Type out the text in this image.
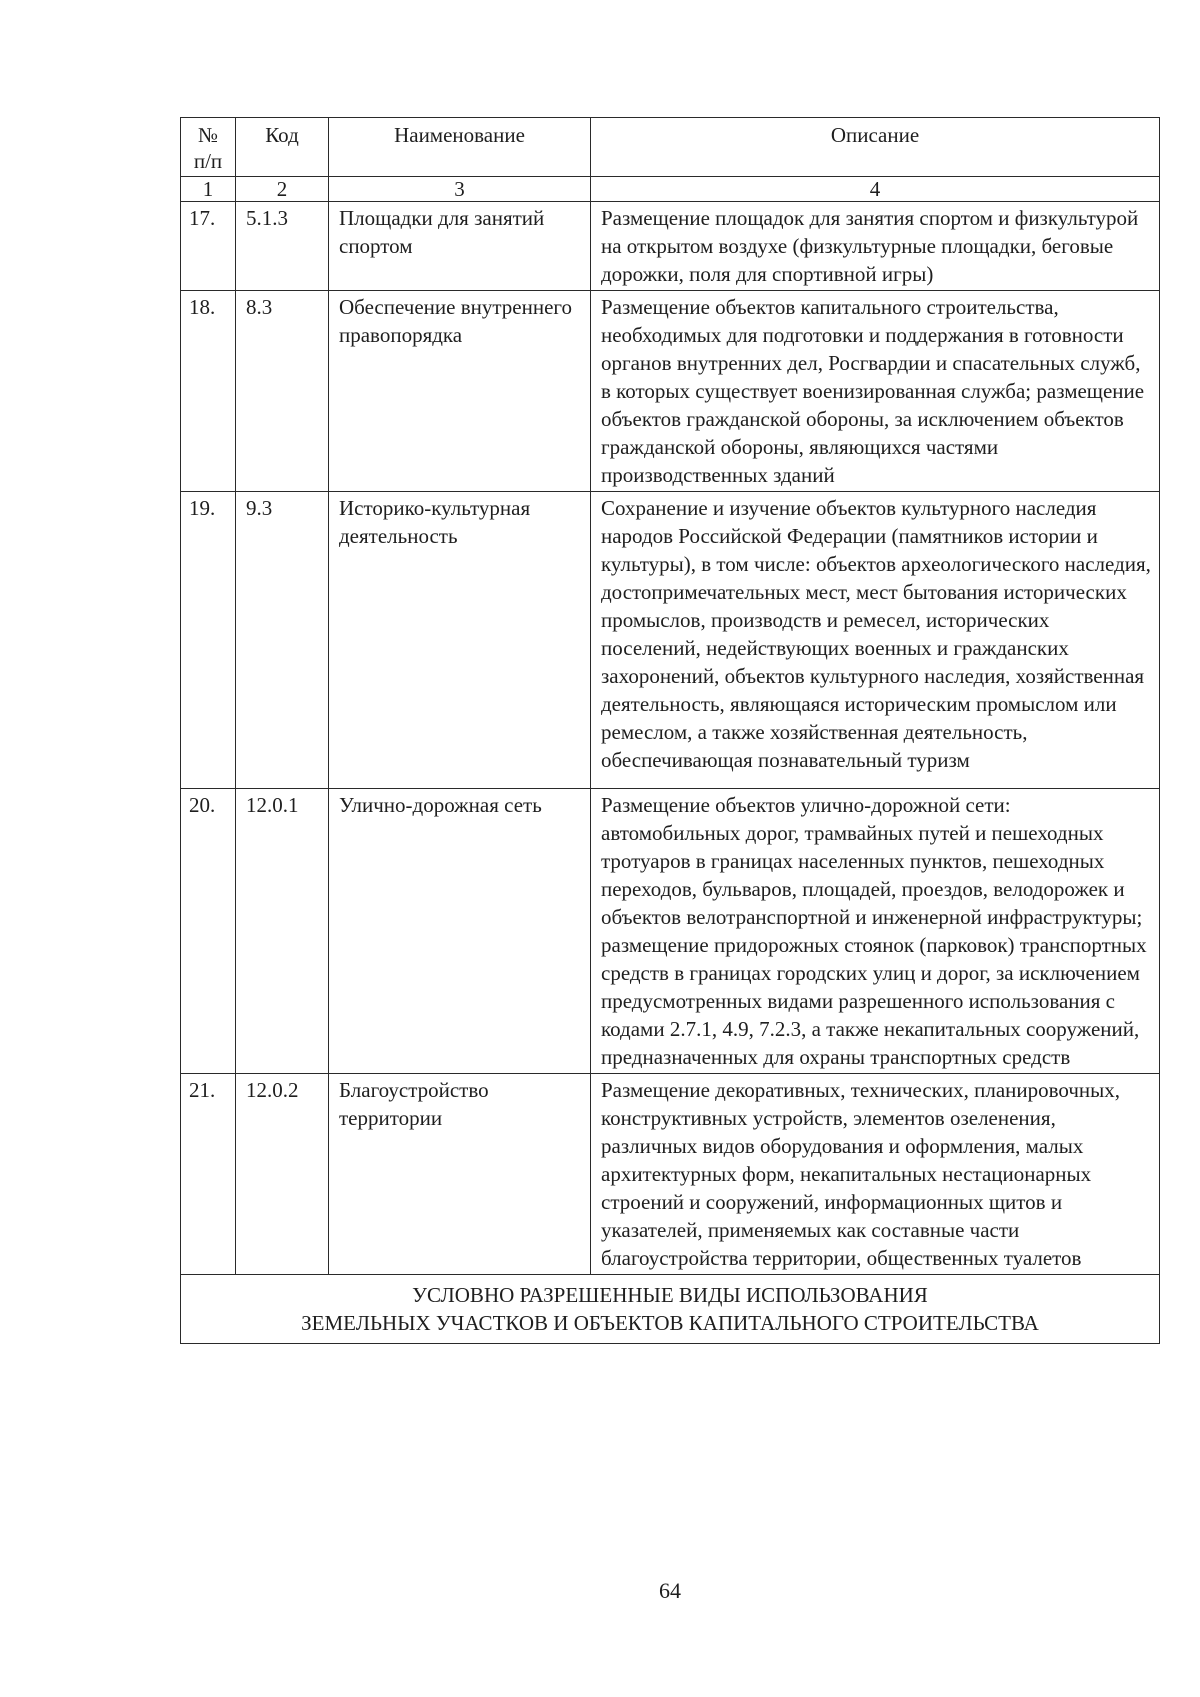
№ п/п	Код	Наименование	Описание
1	2	3	4
17.	5.1.3	Площадки для занятий спортом	Размещение площадок для занятия спортом и физкультурой на открытом воздухе (физкультурные площадки, беговые дорожки, поля для спортивной игры)
18.	8.3	Обеспечение внутреннего правопорядка	Размещение объектов капитального строительства, необходимых для подготовки и поддержания в готовности органов внутренних дел, Росгвардии и спасательных служб, в которых существует военизированная служба; размещение объектов гражданской обороны, за исключением объектов гражданской обороны, являющихся частями производственных зданий
19.	9.3	Историко-культурная деятельность	Сохранение и изучение объектов культурного наследия народов Российской Федерации (памятников истории и культуры), в том числе: объектов археологического наследия, достопримечательных мест, мест бытования исторических промыслов, производств и ремесел, исторических поселений, недействующих военных и гражданских захоронений, объектов культурного наследия, хозяйственная деятельность, являющаяся историческим промыслом или ремеслом, а также хозяйственная деятельность, обеспечивающая познавательный туризм
20.	12.0.1	Улично-дорожная сеть	Размещение объектов улично-дорожной сети: автомобильных дорог, трамвайных путей и пешеходных тротуаров в границах населенных пунктов, пешеходных переходов, бульваров, площадей, проездов, велодорожек и объектов велотранспортной и инженерной инфраструктуры; размещение придорожных стоянок (парковок) транспортных средств в границах городских улиц и дорог, за исключением предусмотренных видами разрешенного использования с кодами 2.7.1, 4.9, 7.2.3, а также некапитальных сооружений, предназначенных для охраны транспортных средств
21.	12.0.2	Благоустройство территории	Размещение декоративных, технических, планировочных, конструктивных устройств, элементов озеленения, различных видов оборудования и оформления, малых архитектурных форм, некапитальных нестационарных строений и сооружений, информационных щитов и указателей, применяемых как составные части благоустройства территории, общественных туалетов

УСЛОВНО РАЗРЕШЕННЫЕ ВИДЫ ИСПОЛЬЗОВАНИЯ
ЗЕМЕЛЬНЫХ УЧАСТКОВ И ОБЪЕКТОВ КАПИТАЛЬНОГО СТРОИТЕЛЬСТВА			
64
